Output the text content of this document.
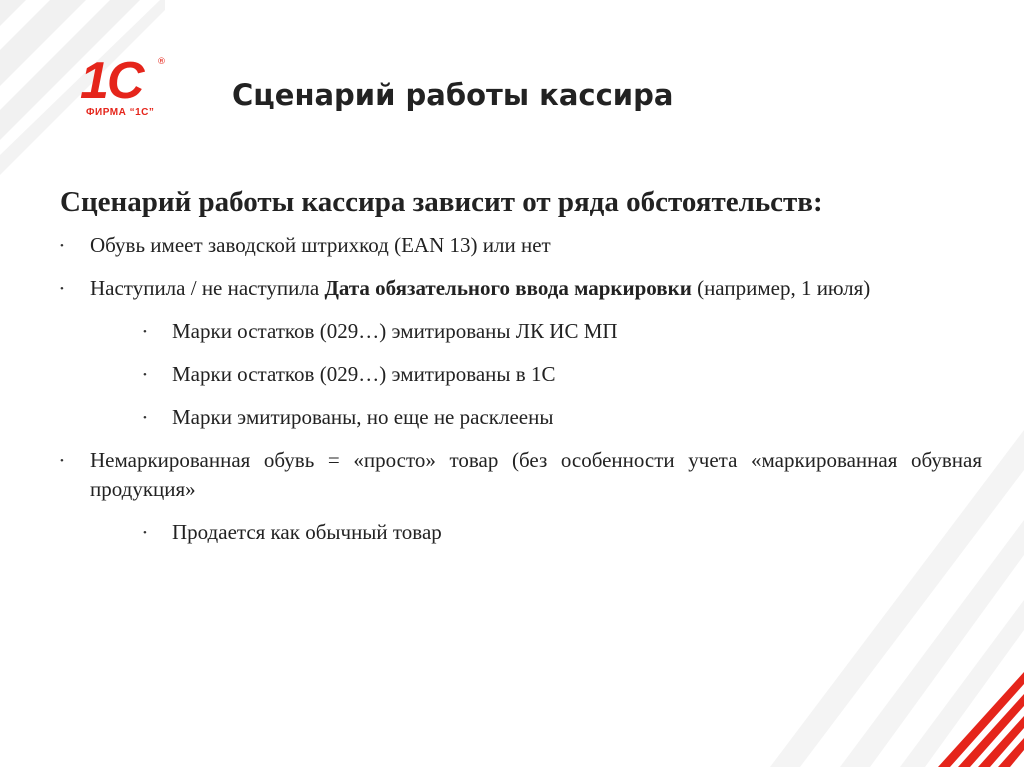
1С ®
ФИРМА “1С”
Сценарий работы кассира

Сценарий работы кассира зависит от ряда обстоятельств:

• Обувь имеет заводской штрихкод (EAN 13) или нет
• Наступила / не наступила Дата обязательного ввода маркировки (например, 1 июля)
• Марки остатков (029…) эмитированы ЛК ИС МП
• Марки остатков (029…) эмитированы в 1С
• Марки эмитированы, но еще не расклеены
• Немаркированная обувь = «просто» товар (без особенности учета «маркированная обувная продукция»
• Продается как обычный товар
